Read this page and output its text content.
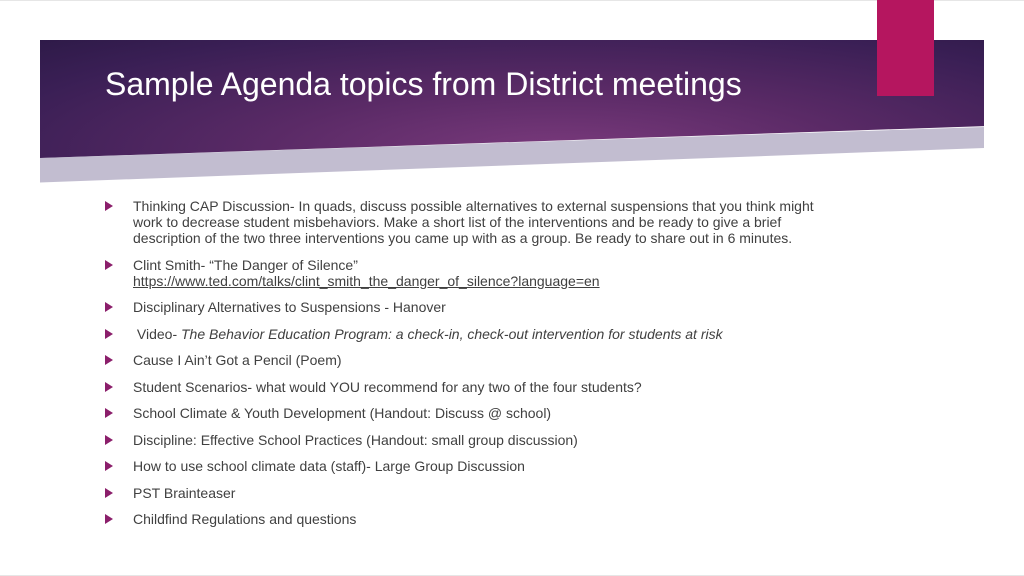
Sample Agenda topics from District meetings
Thinking CAP Discussion- In quads, discuss possible alternatives to external suspensions that you think might work to decrease student misbehaviors. Make a short list of the interventions and be ready to give a brief description of the two three interventions you came up with as a group. Be ready to share out in 6 minutes.
Clint Smith- “The Danger of Silence”
https://www.ted.com/talks/clint_smith_the_danger_of_silence?language=en
Disciplinary Alternatives to Suspensions - Hanover
Video- The Behavior Education Program: a check-in, check-out intervention for students at risk
Cause I Ain’t Got a Pencil (Poem)
Student Scenarios- what would YOU recommend for any two of the four students?
School Climate & Youth Development (Handout: Discuss @ school)
Discipline: Effective School Practices (Handout: small group discussion)
How to use school climate data (staff)- Large Group Discussion
PST Brainteaser
Childfind Regulations and questions
